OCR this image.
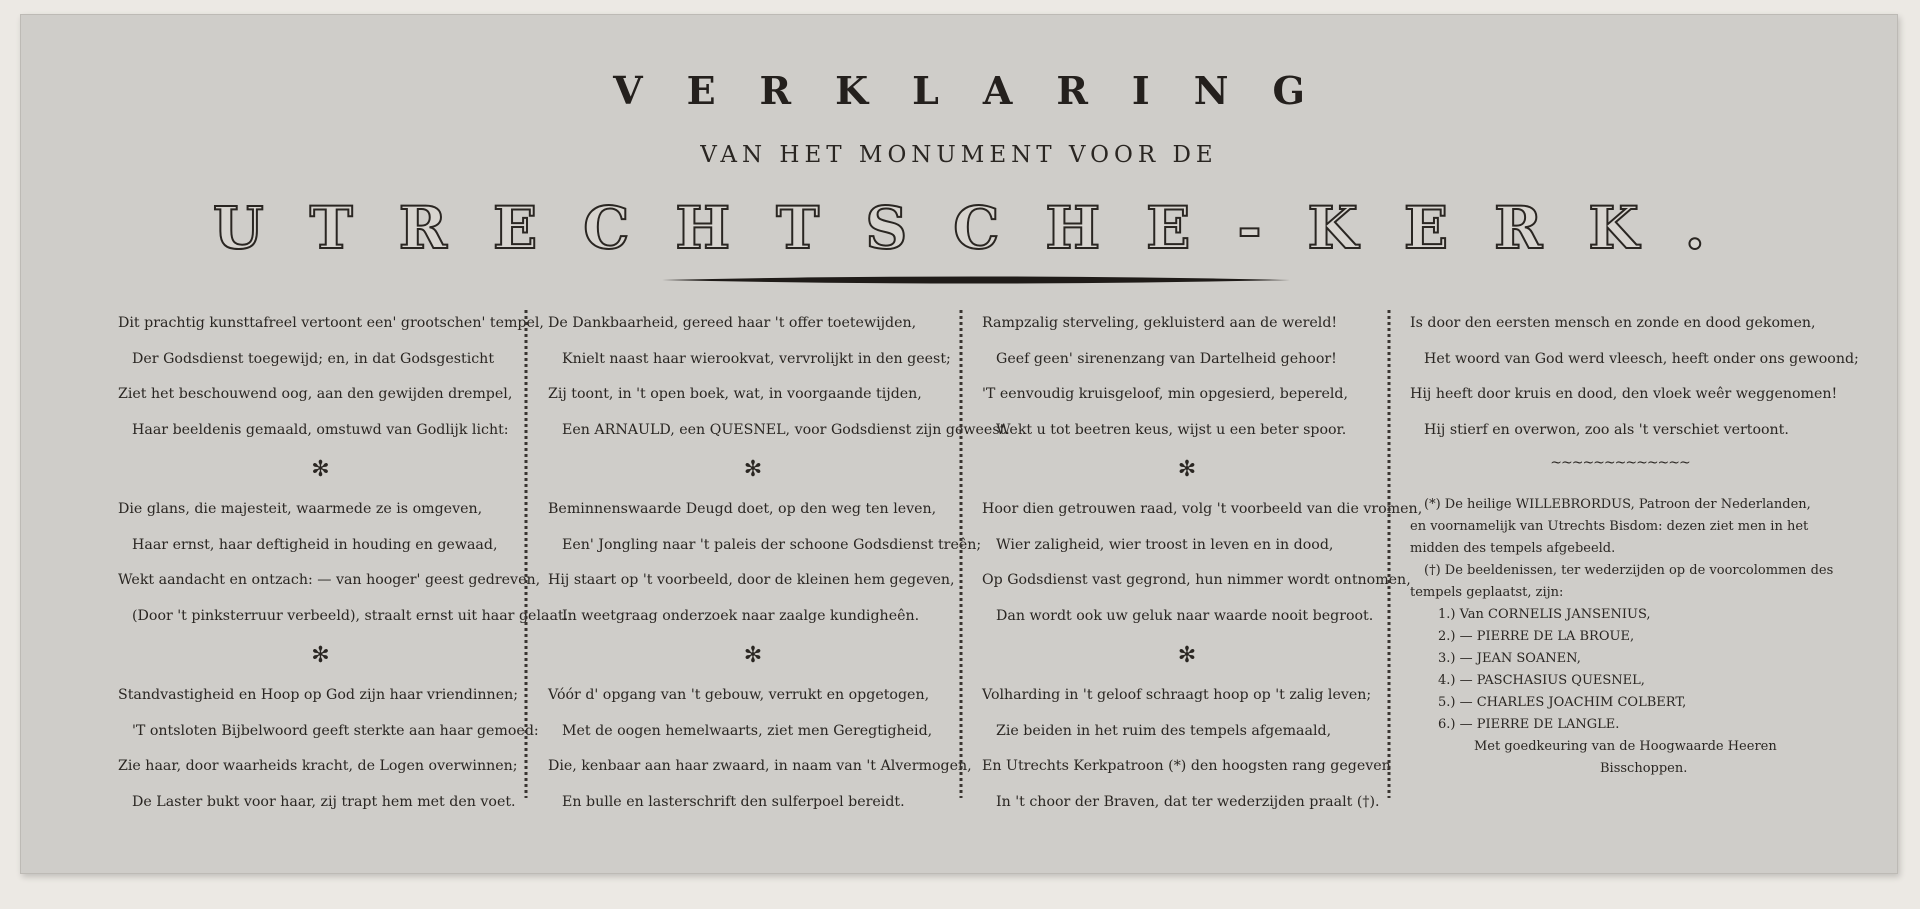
VERKLARING
VAN HET MONUMENT VOOR DE
UTRECHTSCHE-KERK.
Dit prachtig kunsttafreel vertoont een' grootschen' tempel,
Der Godsdienst toegewijd; en, in dat Godsgesticht
Ziet het beschouwend oog, aan den gewijden drempel,
Haar beeldenis gemaald, omstuwd van Godlijk licht:
✻
Die glans, die majesteit, waarmede ze is omgeven,
Haar ernst, haar deftigheid in houding en gewaad,
Wekt aandacht en ontzach: — van hooger' geest gedreven,
(Door 't pinksterruur verbeeld), straalt ernst uit haar gelaat.
✻
Standvastigheid en Hoop op God zijn haar vriendinnen;
'T ontsloten Bijbelwoord geeft sterkte aan haar gemoed:
Zie haar, door waarheids kracht, de Logen overwinnen;
De Laster bukt voor haar, zij trapt hem met den voet.
De Dankbaarheid, gereed haar 't offer toetewijden,
Knielt naast haar wierookvat, vervrolijkt in den geest;
Zij toont, in 't open boek, wat, in voorgaande tijden,
Een ARNAULD, een QUESNEL, voor Godsdienst zijn geweest.
✻
Beminnenswaarde Deugd doet, op den weg ten leven,
Een' Jongling naar 't paleis der schoone Godsdienst treên;
Hij staart op 't voorbeeld, door de kleinen hem gegeven,
In weetgraag onderzoek naar zaalge kundigheên.
✻
Vóór d' opgang van 't gebouw, verrukt en opgetogen,
Met de oogen hemelwaarts, ziet men Geregtigheid,
Die, kenbaar aan haar zwaard, in naam van 't Alvermogen,
En bulle en lasterschrift den sulferpoel bereidt.
Rampzalig sterveling, gekluisterd aan de wereld!
Geef geen' sirenenzang van Dartelheid gehoor!
'T eenvoudig kruisgeloof, min opgesierd, bepereld,
Wekt u tot beetren keus, wijst u een beter spoor.
✻
Hoor dien getrouwen raad, volg 't voorbeeld van die vromen,
Wier zaligheid, wier troost in leven en in dood,
Op Godsdienst vast gegrond, hun nimmer wordt ontnomen,
Dan wordt ook uw geluk naar waarde nooit begroot.
✻
Volharding in 't geloof schraagt hoop op 't zalig leven;
Zie beiden in het ruim des tempels afgemaald,
En Utrechts Kerkpatroon (*) den hoogsten rang gegeven
In 't choor der Braven, dat ter wederzijden praalt (†).
Is door den eersten mensch en zonde en dood gekomen,
Het woord van God werd vleesch, heeft onder ons gewoond;
Hij heeft door kruis en dood, den vloek weêr weggenomen!
Hij stierf en overwon, zoo als 't verschiet vertoont.
~~~~~~~~~~~~~
(*) De heilige WILLEBRORDUS, Patroon der Nederlanden,
en voornamelijk van Utrechts Bisdom: dezen ziet men in het
midden des tempels afgebeeld.
(†) De beeldenissen, ter wederzijden op de voorcolommen des
tempels geplaatst, zijn:
1.) Van CORNELIS JANSENIUS,
2.) — PIERRE DE LA BROUE,
3.) — JEAN SOANEN,
4.) — PASCHASIUS QUESNEL,
5.) — CHARLES JOACHIM COLBERT,
6.) — PIERRE DE LANGLE.
Met goedkeuring van de Hoogwaarde Heeren
Bisschoppen.
